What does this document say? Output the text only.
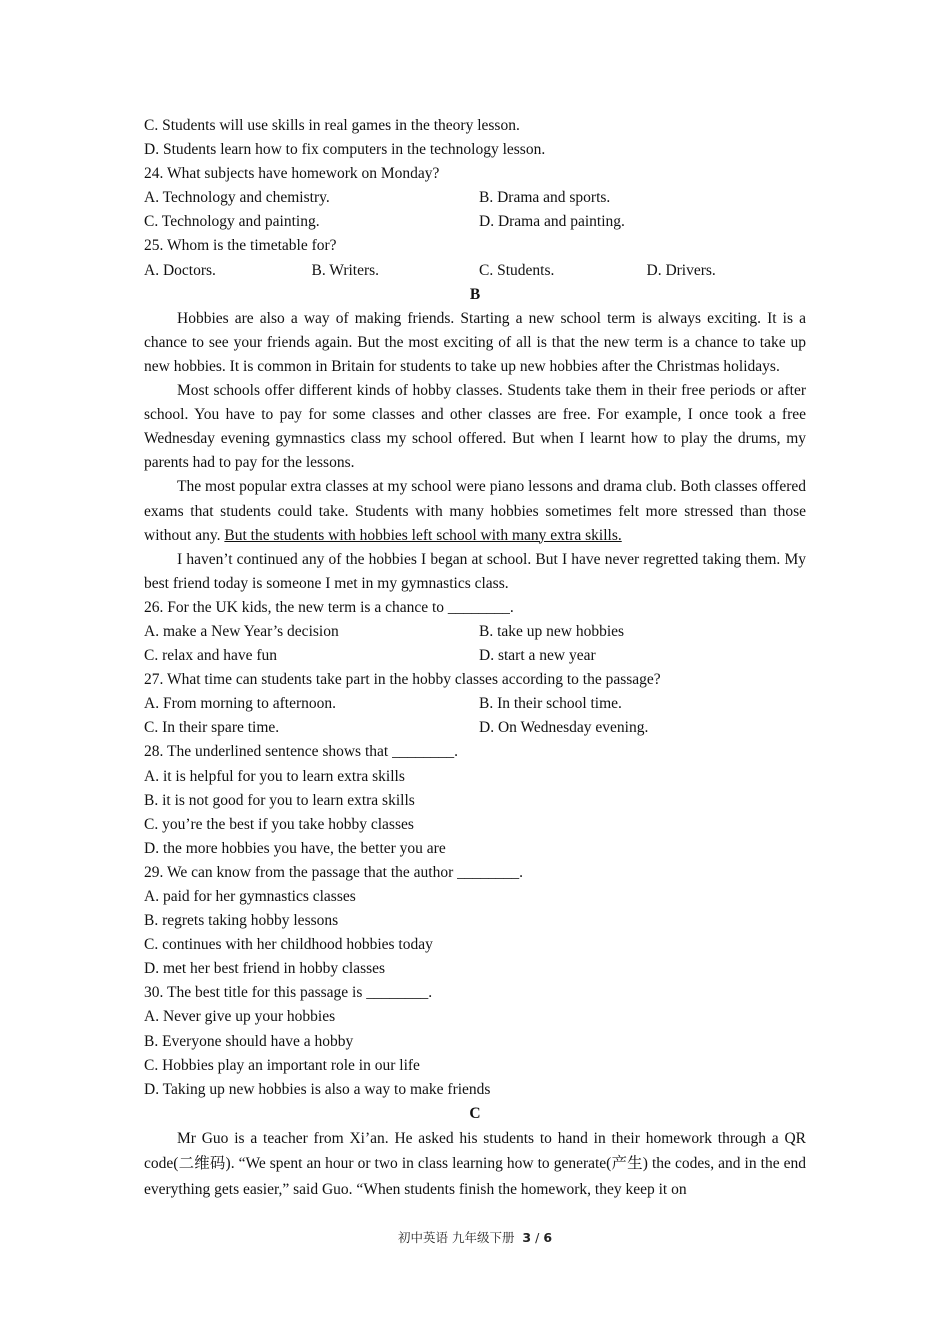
C. Students will use skills in real games in the theory lesson.
D. Students learn how to fix computers in the technology lesson.
24. What subjects have homework on Monday?
A. Technology and chemistry.	B. Drama and sports.
C. Technology and painting.	D. Drama and painting.
25. Whom is the timetable for?
A. Doctors.	B. Writers.	C. Students.	D. Drivers.
B

Hobbies are also a way of making friends. Starting a new school term is always exciting. It is a chance to see your friends again. But the most exciting of all is that the new term is a chance to take up new hobbies. It is common in Britain for students to take up new hobbies after the Christmas holidays.

Most schools offer different kinds of hobby classes. Students take them in their free periods or after school. You have to pay for some classes and other classes are free. For example, I once took a free Wednesday evening gymnastics class my school offered. But when I learnt how to play the drums, my parents had to pay for the lessons.

The most popular extra classes at my school were piano lessons and drama club. Both classes offered exams that students could take. Students with many hobbies sometimes felt more stressed than those without any. But the students with hobbies left school with many extra skills.

I haven’t continued any of the hobbies I began at school. But I have never regretted taking them. My best friend today is someone I met in my gymnastics class.

26. For the UK kids, the new term is a chance to ________.
A. make a New Year’s decision	B. take up new hobbies
C. relax and have fun	D. start a new year
27. What time can students take part in the hobby classes according to the passage?
A. From morning to afternoon.	B. In their school time.
C. In their spare time.	D. On Wednesday evening.
28. The underlined sentence shows that ________.
A. it is helpful for you to learn extra skills
B. it is not good for you to learn extra skills
C. you’re the best if you take hobby classes
D. the more hobbies you have, the better you are
29. We can know from the passage that the author ________.
A. paid for her gymnastics classes
B. regrets taking hobby lessons
C. continues with her childhood hobbies today
D. met her best friend in hobby classes
30. The best title for this passage is ________.
A. Never give up your hobbies
B. Everyone should have a hobby
C. Hobbies play an important role in our life
D. Taking up new hobbies is also a way to make friends
C

Mr Guo is a teacher from Xi’an. He asked his students to hand in their homework through a QR code(二维码). “We spent an hour or two in class learning how to generate(产生) the codes, and in the end everything gets easier,” said Guo. “When students finish the homework, they keep it on

初中英语 九年级下册 3 / 6
